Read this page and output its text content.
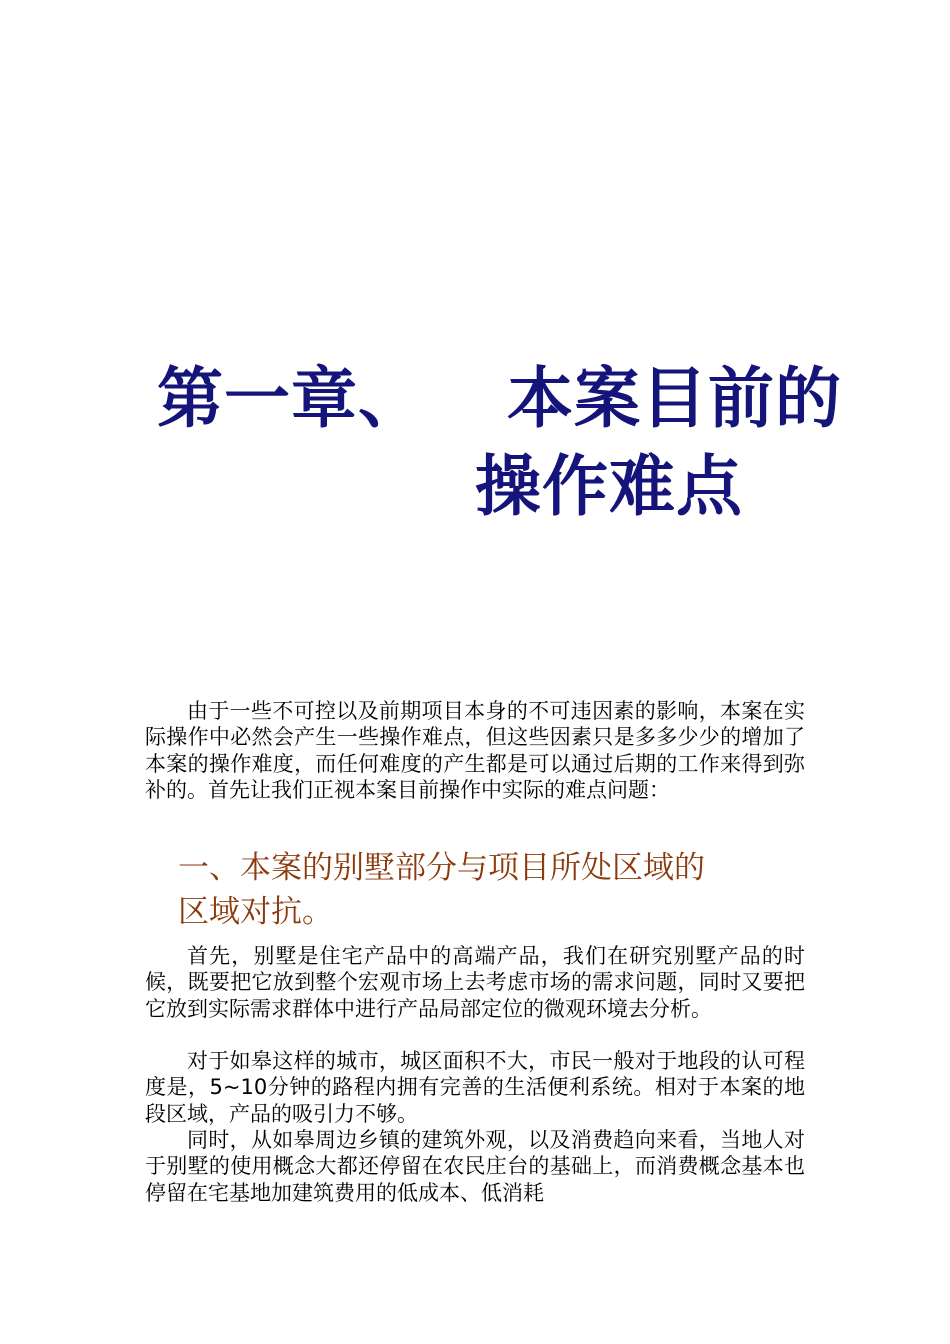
第一章、 本案目前的
操作难点

由于一些不可控以及前期项目本身的不可违因素的影响，本案在实际操作中必然会产生一些操作难点，但这些因素只是多多少少的增加了本案的操作难度，而任何难度的产生都是可以通过后期的工作来得到弥补的。首先让我们正视本案目前操作中实际的难点问题：

一、本案的别墅部分与项目所处区域的
区域对抗。

首先，别墅是住宅产品中的高端产品，我们在研究别墅产品的时候，既要把它放到整个宏观市场上去考虑市场的需求问题，同时又要把它放到实际需求群体中进行产品局部定位的微观环境去分析。

对于如皋这样的城市，城区面积不大，市民一般对于地段的认可程度是，5~10分钟的路程内拥有完善的生活便利系统。相对于本案的地段区域，产品的吸引力不够。

同时，从如皋周边乡镇的建筑外观，以及消费趋向来看，当地人对于别墅的使用概念大都还停留在农民庄台的基础上，而消费概念基本也停留在宅基地加建筑费用的低成本、低消耗
